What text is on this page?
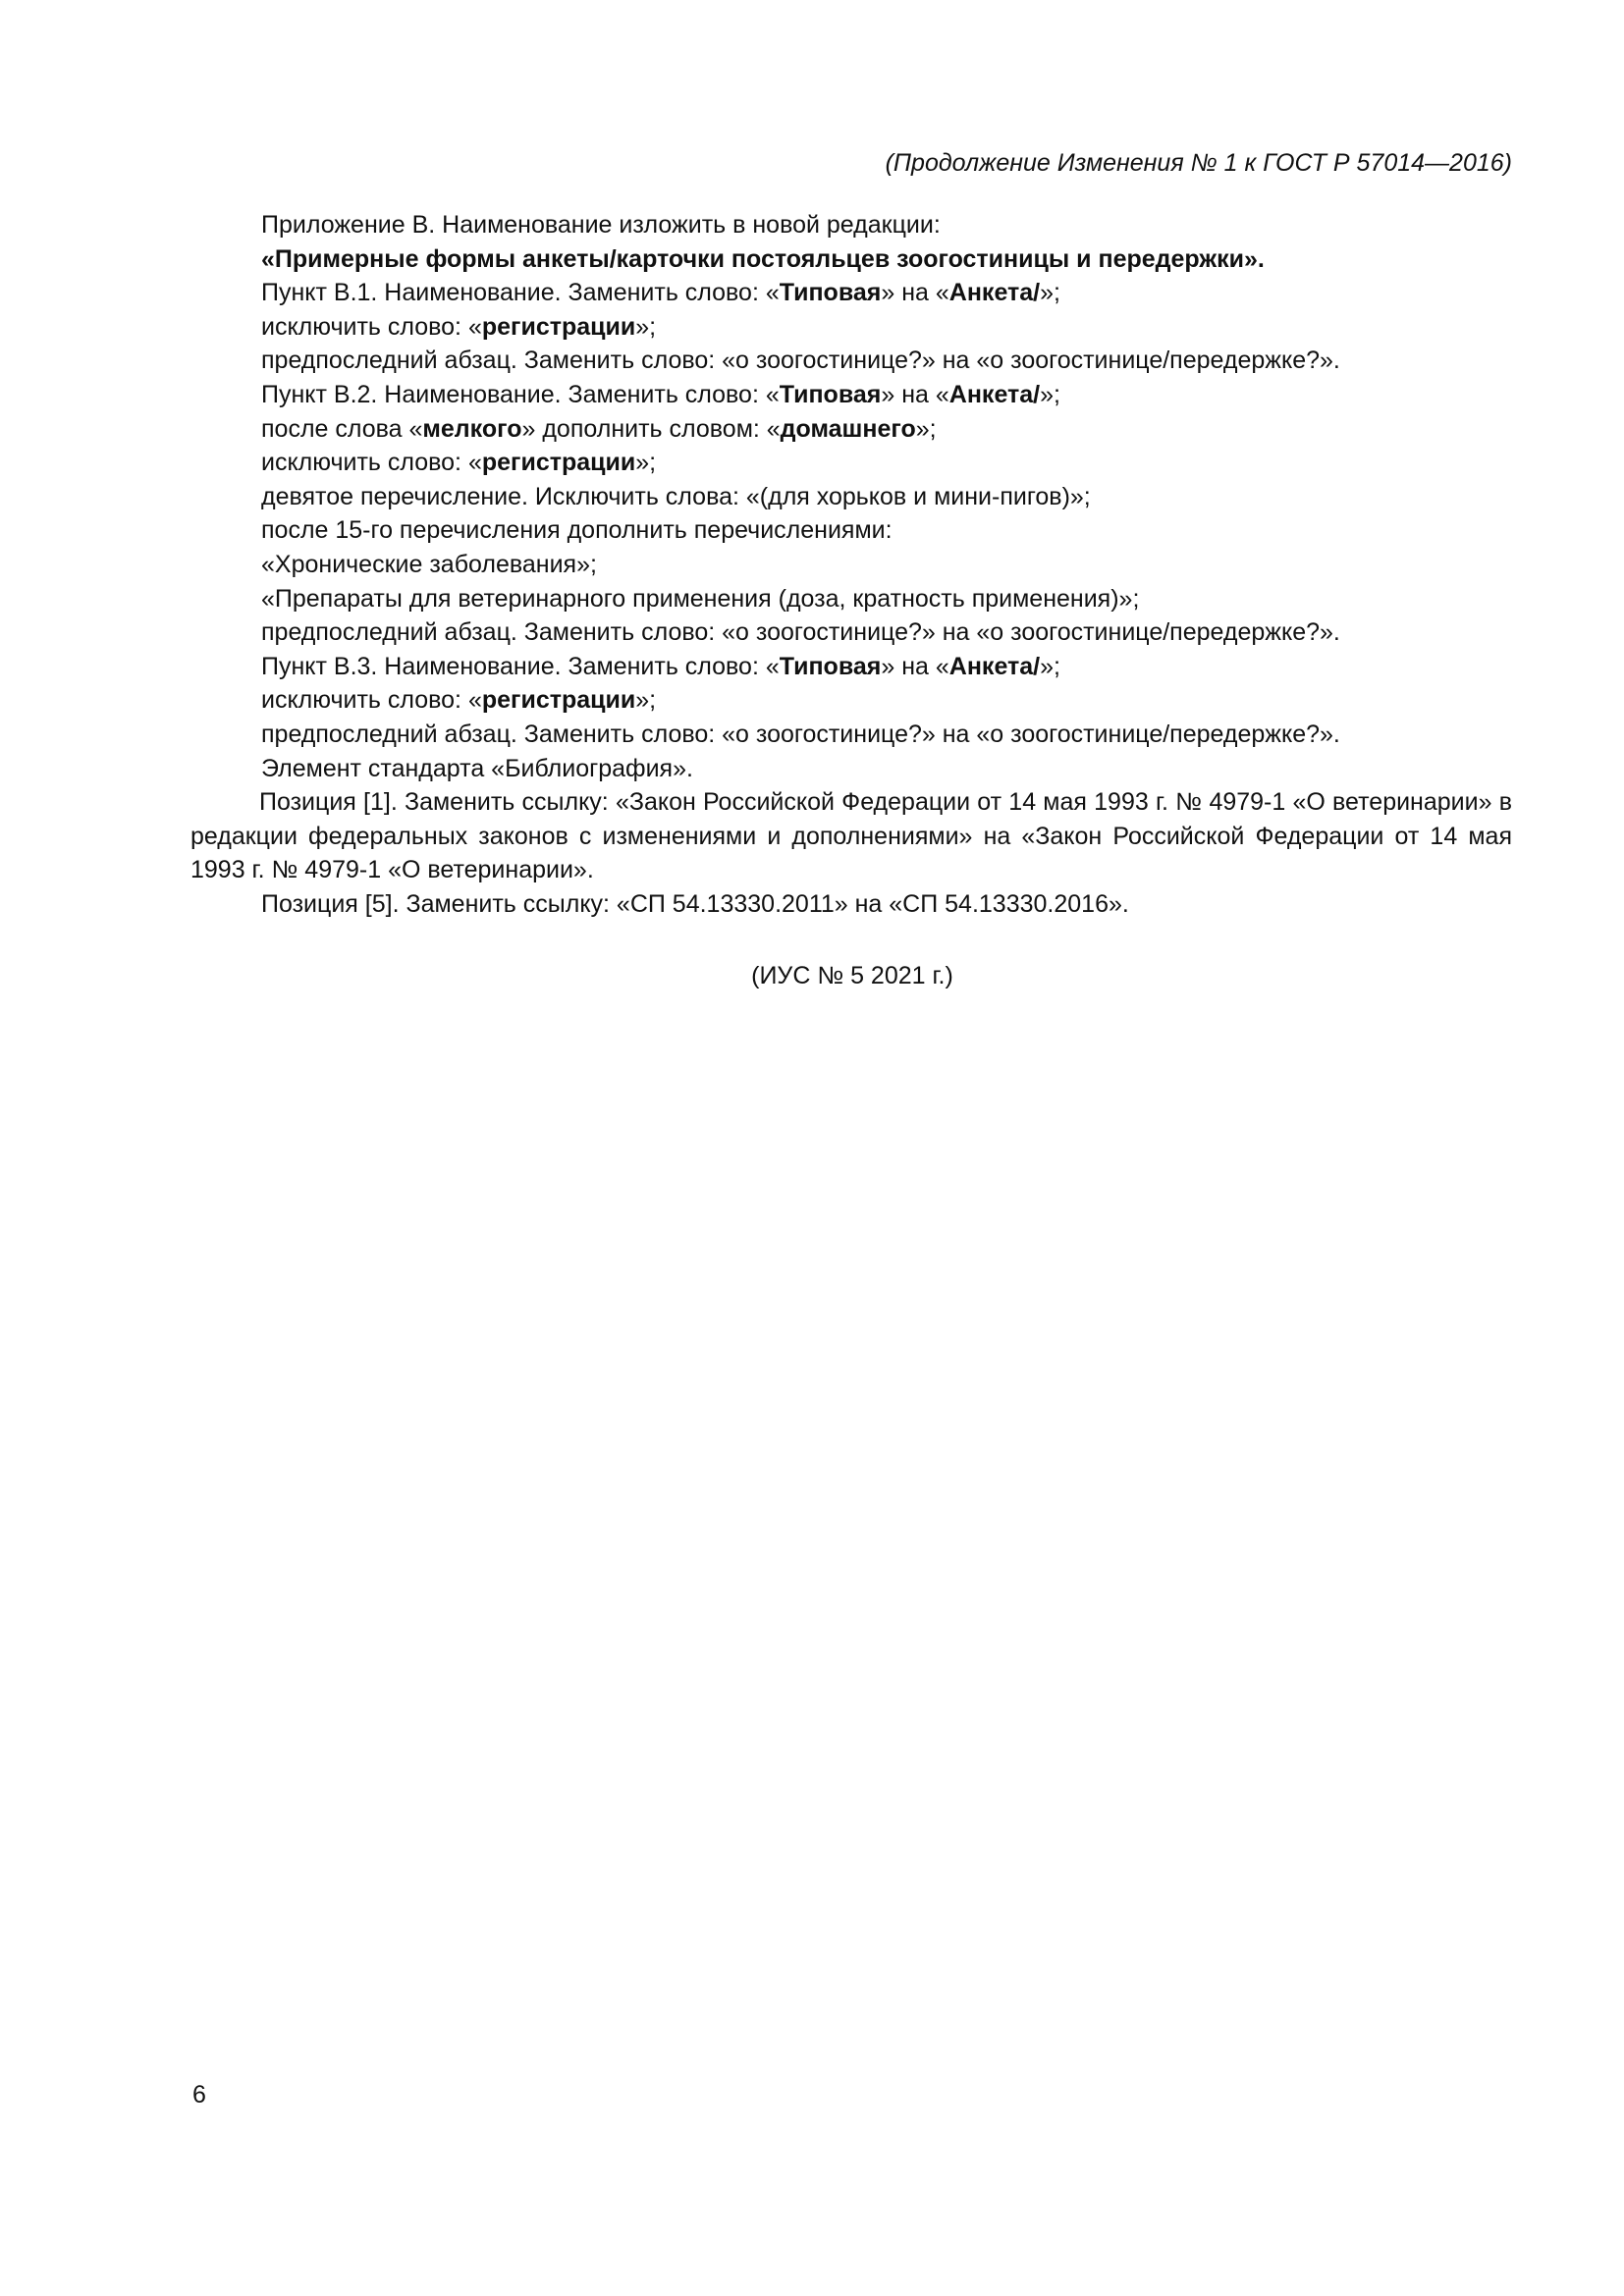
(Продолжение Изменения № 1 к ГОСТ Р 57014—2016)

Приложение В. Наименование изложить в новой редакции:

«Примерные формы анкеты/карточки постояльцев зоогостиницы и передержки».

Пункт В.1. Наименование. Заменить слово: «Типовая» на «Анкета/»;

исключить слово: «регистрации»;

предпоследний абзац. Заменить слово: «о зоогостинице?» на «о зоогостинице/передержке?».

Пункт В.2. Наименование. Заменить слово: «Типовая» на «Анкета/»;

после слова «мелкого» дополнить словом: «домашнего»;

исключить слово: «регистрации»;

девятое перечисление. Исключить слова: «(для хорьков и мини-пигов)»;

после 15-го перечисления дополнить перечислениями:

«Хронические заболевания»;

«Препараты для ветеринарного применения (доза, кратность применения)»;

предпоследний абзац. Заменить слово: «о зоогостинице?» на «о зоогостинице/передержке?».

Пункт В.3. Наименование. Заменить слово: «Типовая» на «Анкета/»;

исключить слово: «регистрации»;

предпоследний абзац. Заменить слово: «о зоогостинице?» на «о зоогостинице/передержке?».

Элемент стандарта «Библиография».

Позиция [1]. Заменить ссылку: «Закон Российской Федерации от 14 мая 1993 г. № 4979-1 «О ветеринарии» в редакции федеральных законов с изменениями и дополнениями» на «Закон Российской Федерации от 14 мая 1993 г. № 4979-1 «О ветеринарии».

Позиция [5]. Заменить ссылку: «СП 54.13330.2011» на «СП 54.13330.2016».

(ИУС № 5 2021 г.)
6
